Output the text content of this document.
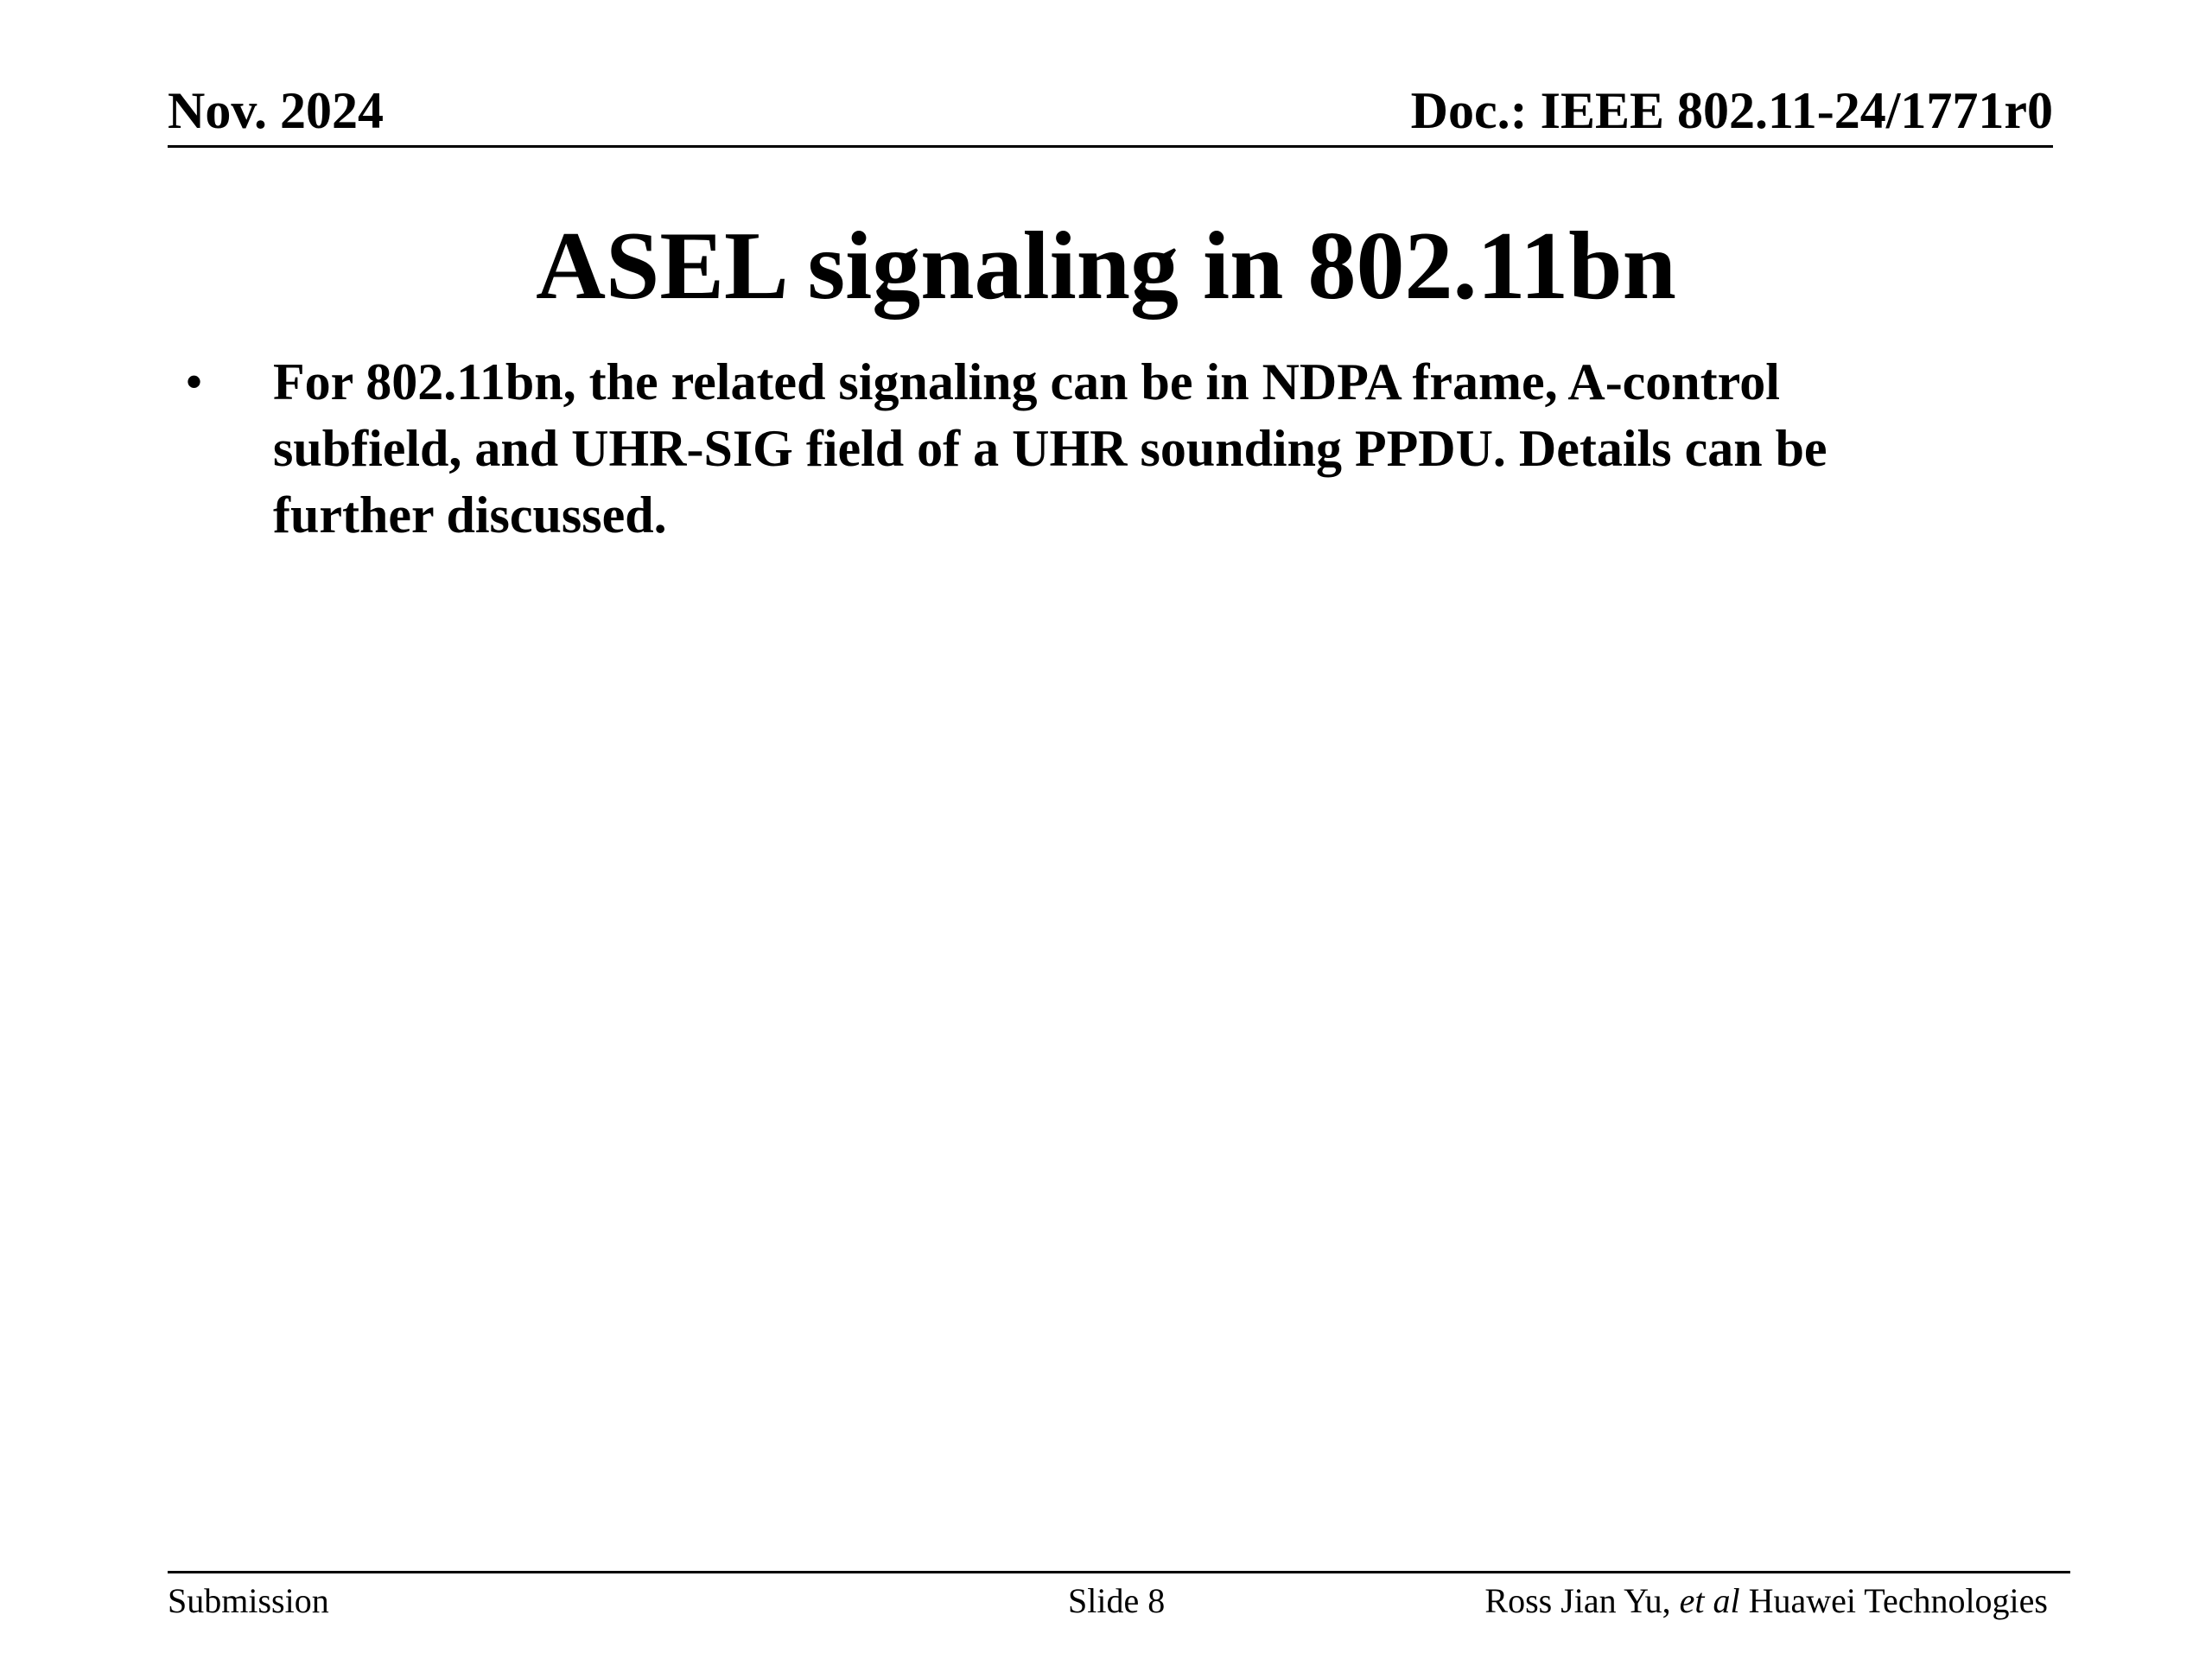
Nov. 2024	Doc.: IEEE 802.11-24/1771r0
ASEL signaling in 802.11bn
• For 802.11bn, the related signaling can be in NDPA frame, A-control subfield, and UHR-SIG field of a UHR sounding PPDU. Details can be further discussed.
Submission	Slide 8	Ross Jian Yu, et al Huawei Technologies
